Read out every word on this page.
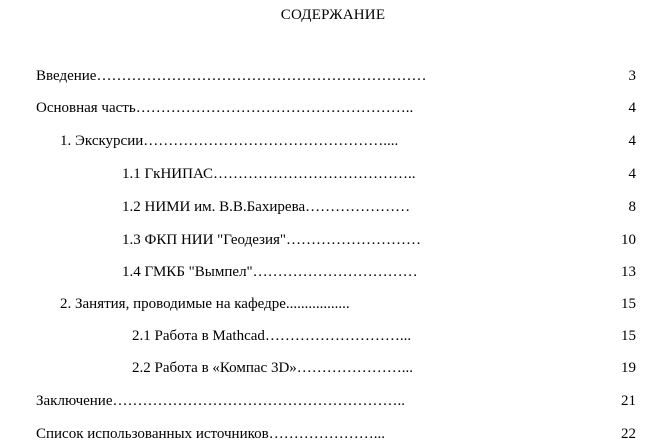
СОДЕРЖАНИЕ
Введение…………………………………………………………	3
Основная часть………………………………………………..	4
1. Экскурсии…………………………………………....	4
1.1 ГкНИПАС…………………………………..	4
1.2 НИМИ им. В.В.Бахирева…………………	8
1.3 ФКП НИИ "Геодезия"………………………	10
1.4 ГМКБ "Вымпел"……………………………	13
2. Занятия, проводимые на кафедре.................	15
2.1 Работа в Mathcad………………………...	15
2.2 Работа в «Компас 3D»…………………...	19
Заключение…………………………………………………..	21
Список использованных источников…………………...	22
